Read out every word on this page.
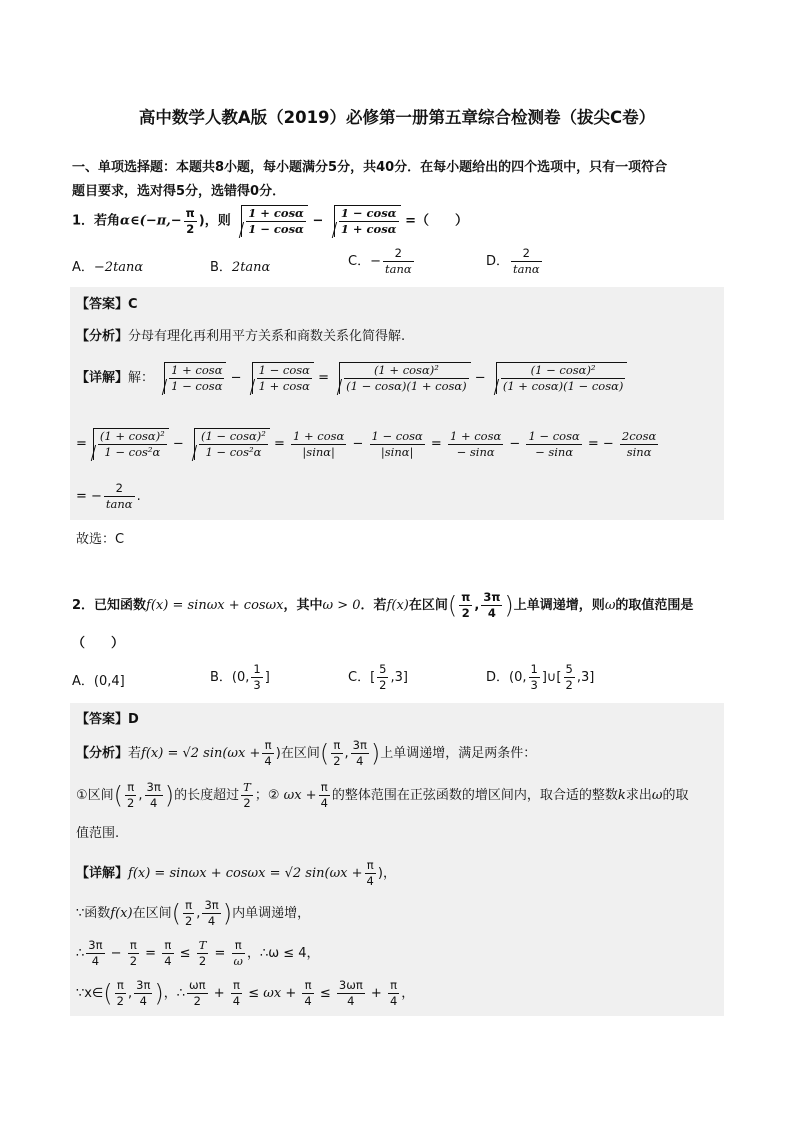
高中数学人教A版（2019）必修第一册第五章综合检测卷（拔尖C卷）
一、单项选择题：本题共8小题，每小题满分5分，共40分．在每小题给出的四个选项中，只有一项符合
题目要求，选对得5分，选错得0分．
1．若角α∈(−π,− $\frac{\pi}{2}$ )，则 $\frac{1 + \cos\alpha}{1 - \cos\alpha} - \frac{1 - \cos\alpha}{1 + \cos\alpha}$ =（　　）
A．−2tanα	B．2tanα	C．− $\frac{2}{\tan\alpha}$	D． $\frac{2}{\tan\alpha}$
【答案】C
【分析】分母有理化再利用平方关系和商数关系化简得解.
【详解】解： $\frac{1 + \cos\alpha}{1 - \cos\alpha} - \frac{1 - \cos\alpha}{1 + \cos\alpha} = \frac{\text{(1 + cosα)²}}{(1 - \cos\alpha)(1 + \cos\alpha)} - \frac{\text{(1 − cosα)²}}{(1 + \cos\alpha)(1 - \cos\alpha)}$
= $\frac{\text{(1 + cosα)²}}{\text{1 − cos²α}} - \frac{\text{(1 − cosα)²}}{\text{1 − cos²α}} = \frac{1 + \cos\alpha}{|\sin\alpha|} - \frac{1 - \cos\alpha}{|\sin\alpha|} = \frac{1 + \cos\alpha}{- \sin\alpha} - \frac{1 - \cos\alpha}{- \sin\alpha}$ = − $\frac{2\cos\alpha}{\sin\alpha}$
= − $\frac{2}{\tan\alpha}$ .
故选：C
2．已知函数f(x) = sinωx + cosωx，其中ω > 0．若f(x)在区间( $\frac{\pi}{2}$ , $\frac{3\pi}{4}$ )上单调递增，则ω的取值范围是
（　　）
A．(0,4]	B．(0, $\frac{1}{3}$ ]	C．[ $\frac{5}{2} ,3$]	D．(0, $\frac{1}{3}$ ]∪[ $\frac{5}{2} ,3$]
【答案】D
【分析】若f(x) = √2 $\sin(\omega x + \frac{\pi}{4}$ )在区间( $\frac{\pi}{2}$ , $\frac{3\pi}{4}$ )上单调递增，满足两条件：
①区间( $\frac{\pi}{2}$ , $\frac{3\pi}{4}$ )的长度超过 $\frac{T}{2}$ ；② $\omega x + \frac{\pi}{4}$ 的整体范围在正弦函数的增区间内，取合适的整数k求出ω的取
值范围.
【详解】f(x) = sinωx + cosωx = √2 $\sin(\omega x + \frac{\pi}{4}$ )，
∵函数f(x)在区间( $\frac{\pi}{2}$ , $\frac{3\pi}{4}$ )内单调递增，
∴ $\frac{3\pi}{4} - \frac{\pi}{2} = \frac{\pi}{4} \le \frac{T}{2} = \frac{\pi}{\omega}$ ，∴ω ≤ 4，
∵x∈( $\frac{\pi}{2}$ , $\frac{3\pi}{4}$ )，∴ $\frac{\omega\pi}{2} + \frac{\pi}{4} \le \omega x + \frac{\pi}{4} \le \frac{3\omega\pi}{4} + \frac{\pi}{4}$ ，
